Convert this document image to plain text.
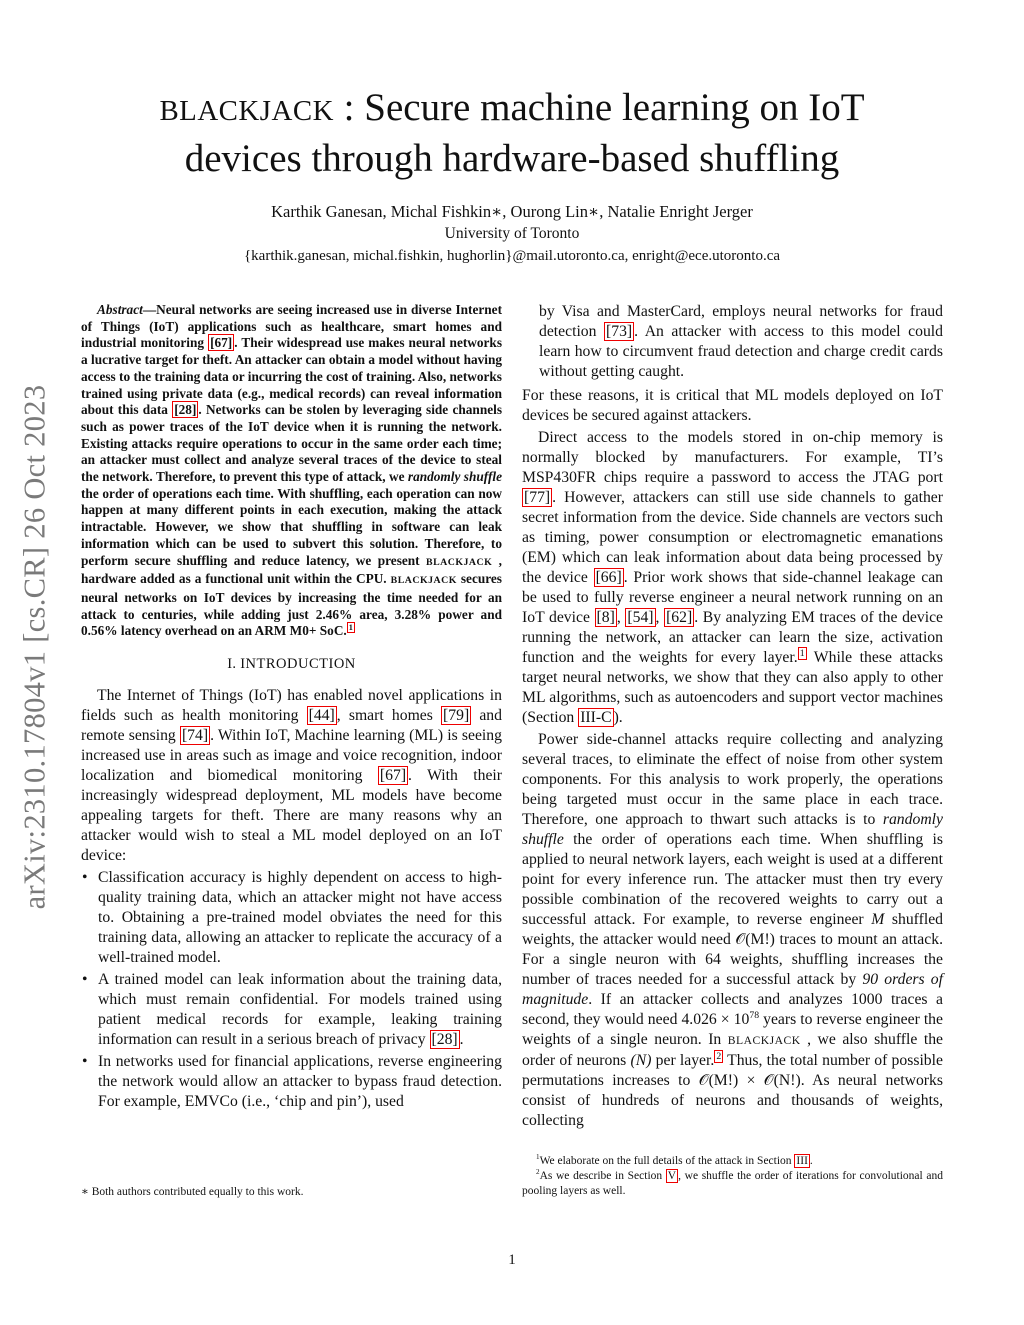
arXiv:2310.17804v1 [cs.CR] 26 Oct 2023
BLACKJACK : Secure machine learning on IoT
devices through hardware-based shuffling
Karthik Ganesan, Michal Fishkin∗, Ourong Lin∗, Natalie Enright Jerger
University of Toronto
{karthik.ganesan, michal.fishkin, hughorlin}@mail.utoronto.ca, enright@ece.utoronto.ca

Abstract—Neural networks are seeing increased use in diverse Internet of Things (IoT) applications such as healthcare, smart homes and industrial monitoring [67] . Their widespread use makes neural networks a lucrative target for theft. An attacker can obtain a model without having access to the training data or incurring the cost of training. Also, networks trained using private data (e.g., medical records) can reveal information about this data [28] . Networks can be stolen by leveraging side channels such as power traces of the IoT device when it is running the network. Existing attacks require operations to occur in the same order each time; an attacker must collect and analyze several traces of the device to steal the network. Therefore, to prevent this type of attack, we randomly shuffle the order of operations each time. With shuffling, each operation can now happen at many different points in each execution, making the attack intractable. However, we show that shuffling in software can leak information which can be used to subvert this solution. Therefore, to perform secure shuffling and reduce latency, we present BLACKJACK , hardware added as a functional unit within the CPU. BLACKJACK secures neural networks on IoT devices by increasing the time needed for an attack to centuries, while adding just 2.46% area, 3.28% power and 0.56% latency overhead on an ARM M0+ SoC. $^1$

I. INTRODUCTION

The Internet of Things (IoT) has enabled novel applications in fields such as health monitoring [44] , smart homes [79] and remote sensing [74] . Within IoT, Machine learning (ML) is seeing increased use in areas such as image and voice recognition, indoor localization and biomedical monitoring [67] . With their increasingly widespread deployment, ML models have become appealing targets for theft. There are many reasons why an attacker would wish to steal a ML model deployed on an IoT device:

• Classification accuracy is highly dependent on access to high-quality training data, which an attacker might not have access to. Obtaining a pre-trained model obviates the need for this training data, allowing an attacker to replicate the accuracy of a well-trained model.
• A trained model can leak information about the training data, which must remain confidential. For models trained using patient medical records for example, leaking training information can result in a serious breach of privacy [28] .
• In networks used for financial applications, reverse engineering the network would allow an attacker to bypass fraud detection. For example, EMVCo (i.e., ‘chip and pin’), used

by Visa and MasterCard, employs neural networks for fraud detection [73] . An attacker with access to this model could learn how to circumvent fraud detection and charge credit cards without getting caught.

For these reasons, it is critical that ML models deployed on IoT devices be secured against attackers.

Direct access to the models stored in on-chip memory is normally blocked by manufacturers. For example, TI’s MSP430FR chips require a password to access the JTAG port [77] . However, attackers can still use side channels to gather secret information from the device. Side channels are vectors such as timing, power consumption or electromagnetic emanations (EM) which can leak information about data being processed by the device [66] . Prior work shows that side-channel leakage can be used to fully reverse engineer a neural network running on an IoT device [8] , [54] , [62] . By analyzing EM traces of the device running the network, an attacker can learn the size, activation function and the weights for every layer. $^1$ While these attacks target neural networks, we show that they can also apply to other ML algorithms, such as autoencoders and support vector machines (Section III-C ).

Power side-channel attacks require collecting and analyzing several traces, to eliminate the effect of noise from other system components. For this analysis to work properly, the operations being targeted must occur in the same place in each trace. Therefore, one approach to thwart such attacks is to randomly shuffle the order of operations each time. When shuffling is applied to neural network layers, each weight is used at a different point for every inference run. The attacker must then try every possible combination of the recovered weights to carry out a successful attack. For example, to reverse engineer M shuffled weights, the attacker would need 𝒪(M!) traces to mount an attack. For a single neuron with 64 weights, shuffling increases the number of traces needed for a successful attack by 90 orders of magnitude. If an attacker collects and analyzes 1000 traces a second, they would need $4.026 \times 10^{78}$ years to reverse engineer the weights of a single neuron. In BLACKJACK , we also shuffle the order of neurons (N) per layer. $^2$ Thus, the total number of possible permutations increases to 𝒪(M!) × 𝒪(N!). As neural networks consist of hundreds of neurons and thousands of weights, collecting

∗ Both authors contributed equally to this work.

$^1$We elaborate on the full details of the attack in Section III .

$^2$As we describe in Section V , we shuffle the order of iterations for convolutional and pooling layers as well.

1
